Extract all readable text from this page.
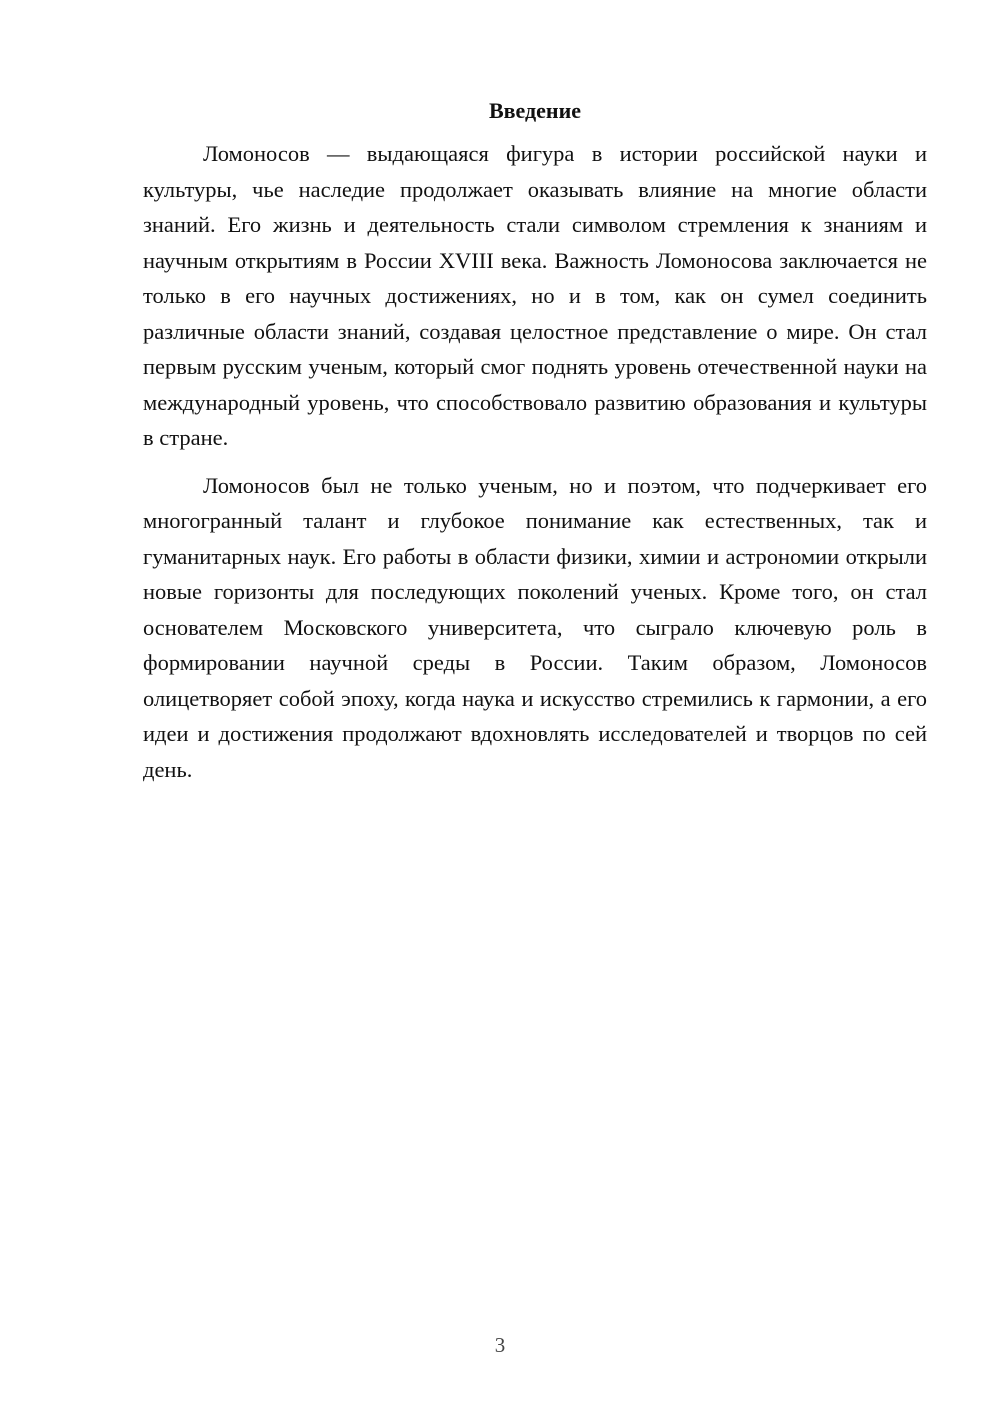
Введение

Ломоносов — выдающаяся фигура в истории российской науки и культуры, чье наследие продолжает оказывать влияние на многие области знаний. Его жизнь и деятельность стали символом стремления к знаниям и научным открытиям в России XVIII века. Важность Ломоносова заключается не только в его научных достижениях, но и в том, как он сумел соединить различные области знаний, создавая целостное представление о мире. Он стал первым русским ученым, который смог поднять уровень отечественной науки на международный уровень, что способствовало развитию образования и культуры в стране.

Ломоносов был не только ученым, но и поэтом, что подчеркивает его многогранный талант и глубокое понимание как естественных, так и гуманитарных наук. Его работы в области физики, химии и астрономии открыли новые горизонты для последующих поколений ученых. Кроме того, он стал основателем Московского университета, что сыграло ключевую роль в формировании научной среды в России. Таким образом, Ломоносов олицетворяет собой эпоху, когда наука и искусство стремились к гармонии, а его идеи и достижения продолжают вдохновлять исследователей и творцов по сей день.

3
